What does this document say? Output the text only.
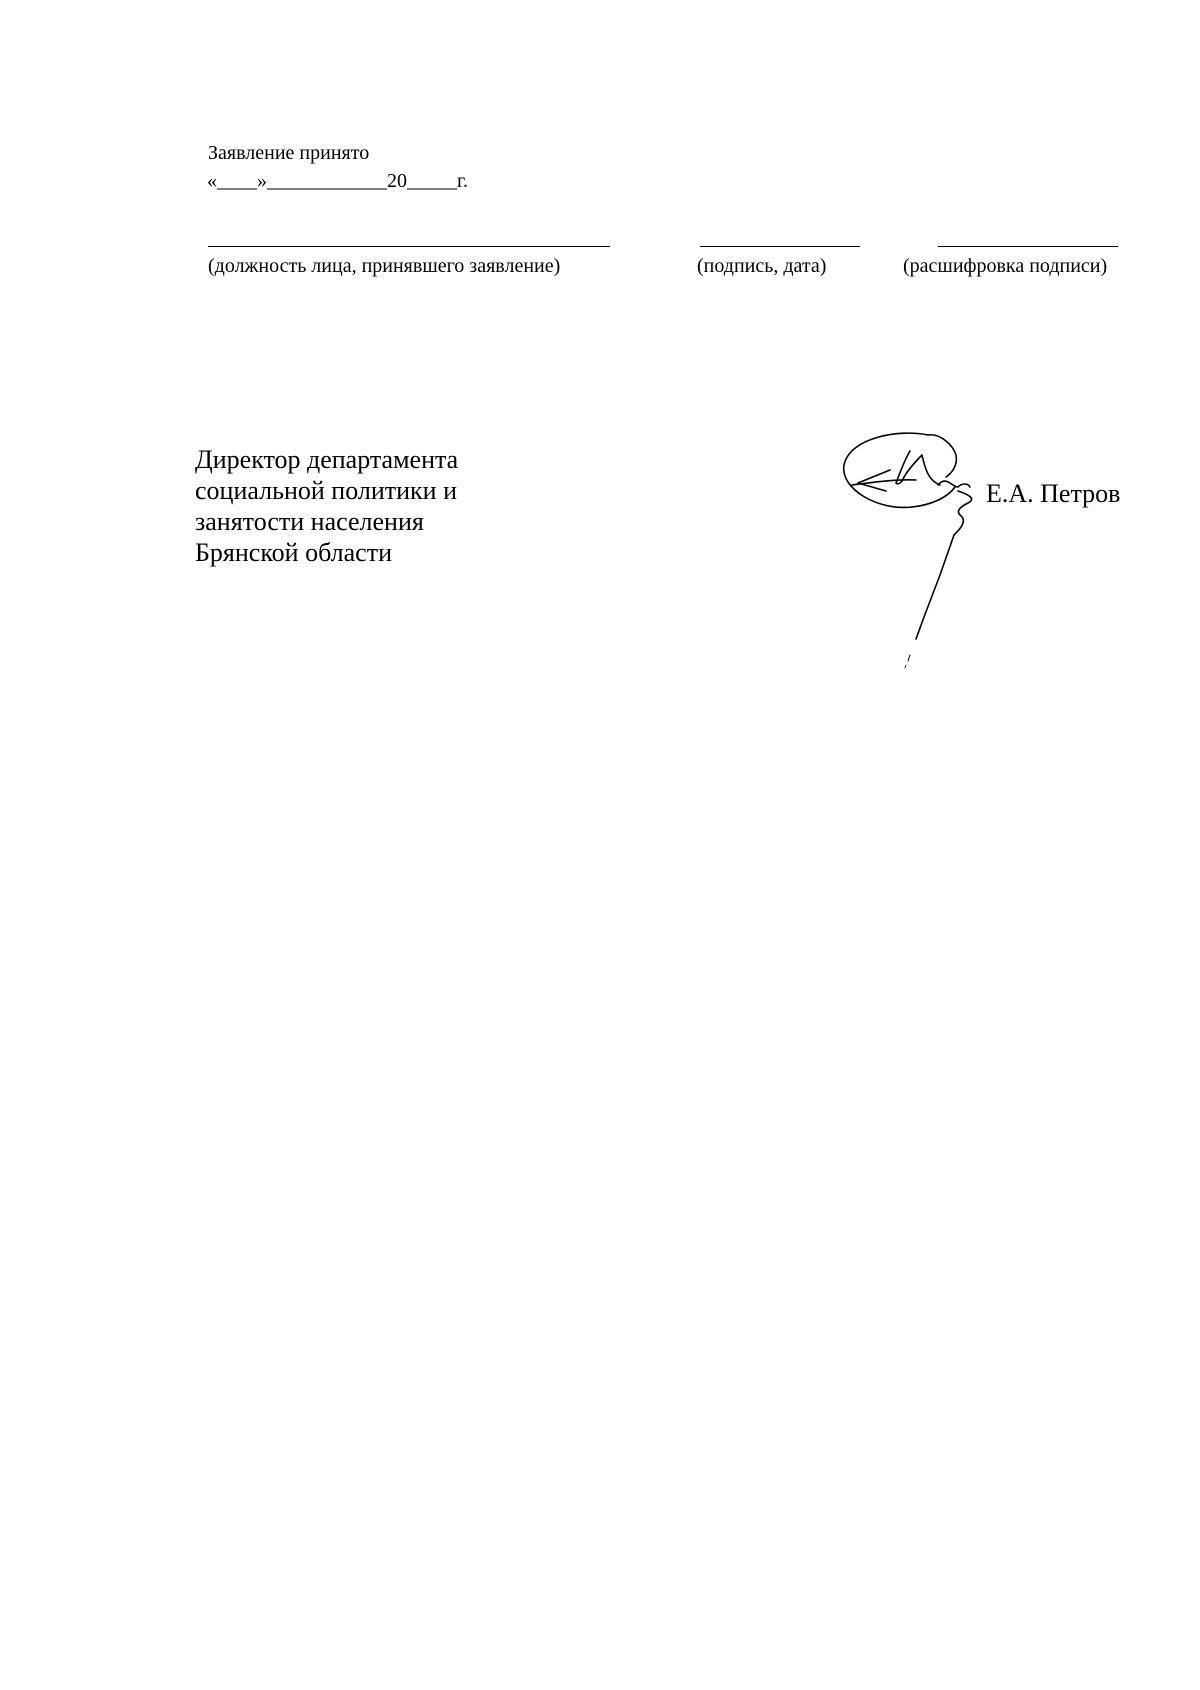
Заявление принято
«____»____________20_____г.
(должность лица, принявшего заявление)	(подпись, дата)	(расшифровка подписи)
Директор департамента
социальной политики и
занятости населения
Брянской области
Е.А. Петров
